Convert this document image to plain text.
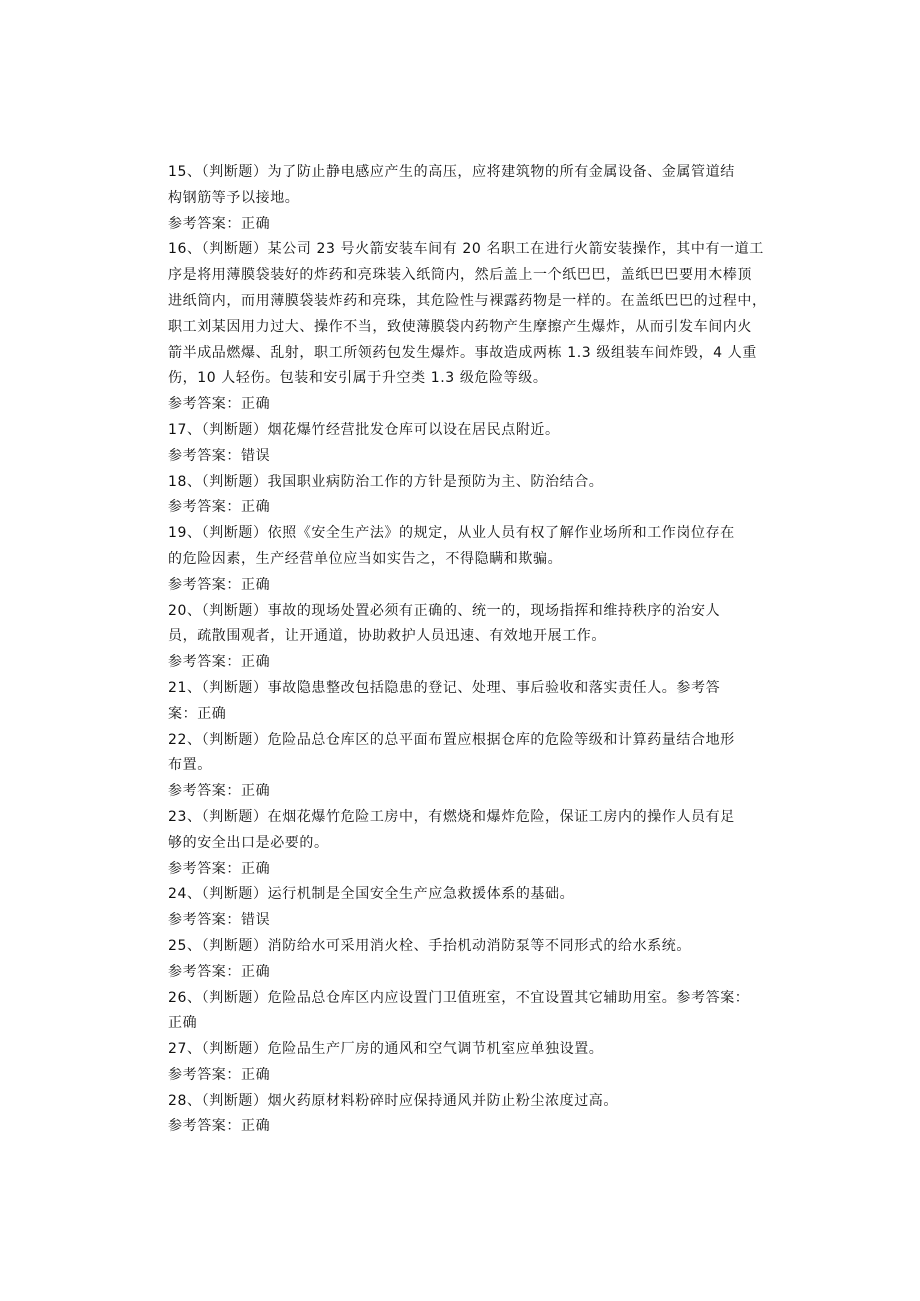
15、（判断题）为了防止静电感应产生的高压，应将建筑物的所有金属设备、金属管道结
构钢筋等予以接地。
参考答案：正确
16、（判断题）某公司 23 号火箭安装车间有 20 名职工在进行火箭安装操作，其中有一道工
序是将用薄膜袋装好的炸药和亮珠装入纸筒内，然后盖上一个纸巴巴，盖纸巴巴要用木棒顶
进纸筒内，而用薄膜袋装炸药和亮珠，其危险性与裸露药物是一样的。在盖纸巴巴的过程中，
职工刘某因用力过大、操作不当，致使薄膜袋内药物产生摩擦产生爆炸，从而引发车间内火
箭半成品燃爆、乱射，职工所领药包发生爆炸。事故造成两栋 1.3 级组装车间炸毁，4 人重
伤，10 人轻伤。包装和安引属于升空类 1.3 级危险等级。
参考答案：正确
17、（判断题）烟花爆竹经营批发仓库可以设在居民点附近。
参考答案：错误
18、（判断题）我国职业病防治工作的方针是预防为主、防治结合。
参考答案：正确
19、（判断题）依照《安全生产法》的规定，从业人员有权了解作业场所和工作岗位存在
的危险因素，生产经营单位应当如实告之，不得隐瞒和欺骗。
参考答案：正确
20、（判断题）事故的现场处置必须有正确的、统一的，现场指挥和维持秩序的治安人
员，疏散围观者，让开通道，协助救护人员迅速、有效地开展工作。
参考答案：正确
21、（判断题）事故隐患整改包括隐患的登记、处理、事后验收和落实责任人。参考答
案：正确
22、（判断题）危险品总仓库区的总平面布置应根据仓库的危险等级和计算药量结合地形
布置。
参考答案：正确
23、（判断题）在烟花爆竹危险工房中，有燃烧和爆炸危险，保证工房内的操作人员有足
够的安全出口是必要的。
参考答案：正确
24、（判断题）运行机制是全国安全生产应急救援体系的基础。
参考答案：错误
25、（判断题）消防给水可采用消火栓、手抬机动消防泵等不同形式的给水系统。
参考答案：正确
26、（判断题）危险品总仓库区内应设置门卫值班室，不宜设置其它辅助用室。参考答案：
正确
27、（判断题）危险品生产厂房的通风和空气调节机室应单独设置。
参考答案：正确
28、（判断题）烟火药原材料粉碎时应保持通风并防止粉尘浓度过高。
参考答案：正确
